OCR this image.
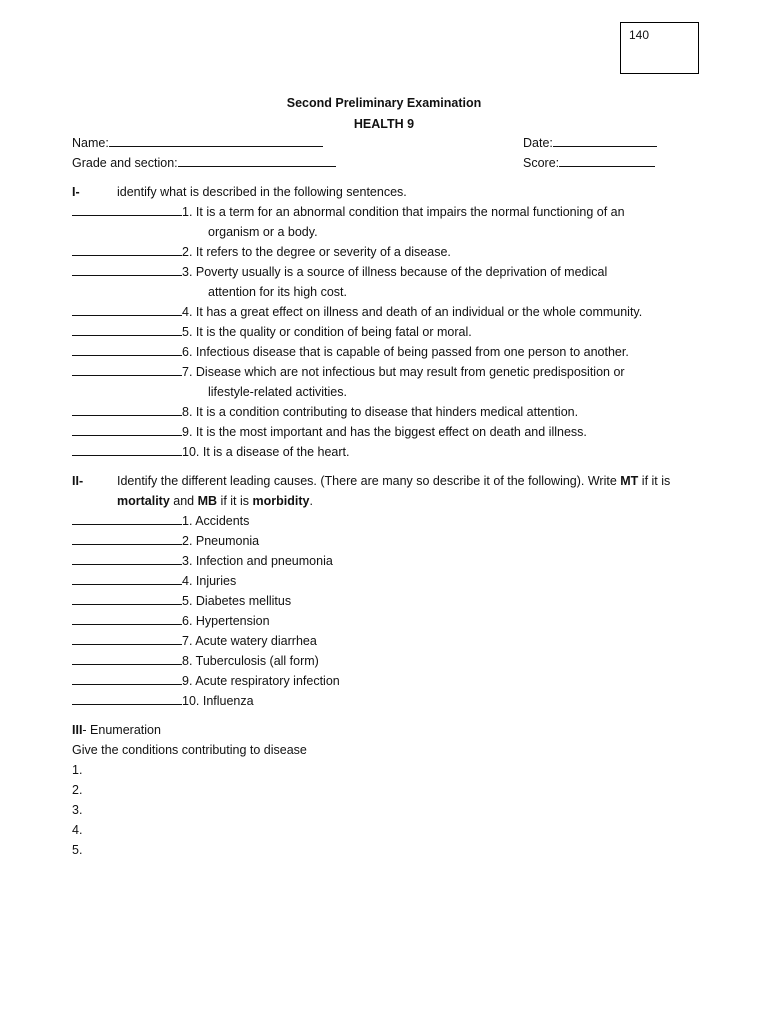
140
Second Preliminary Examination
HEALTH 9
Name:	Date:
Grade and section:	Score:
I-	identify what is described in the following sentences.
1. It is a term for an abnormal condition that impairs the normal functioning of an
organism or a body.
2. It refers to the degree or severity of a disease.
3. Poverty usually is a source of illness because of the deprivation of medical
attention for its high cost.
4. It has a great effect on illness and death of an individual or the whole community.
5. It is the quality or condition of being fatal or moral.
6. Infectious disease that is capable of being passed from one person to another.
7. Disease which are not infectious but may result from genetic predisposition or
lifestyle-related activities.
8. It is a condition contributing to disease that hinders medical attention.
9. It is the most important and has the biggest effect on death and illness.
10. It is a disease of the heart.
II-	Identify the different leading causes. (There are many so describe it of the following). Write MT if it is
mortality and MB if it is morbidity.
1. Accidents
2. Pneumonia
3. Infection and pneumonia
4. Injuries
5. Diabetes mellitus
6. Hypertension
7. Acute watery diarrhea
8. Tuberculosis (all form)
9. Acute respiratory infection
10. Influenza
III- Enumeration
Give the conditions contributing to disease
1.
2.
3.
4.
5.
